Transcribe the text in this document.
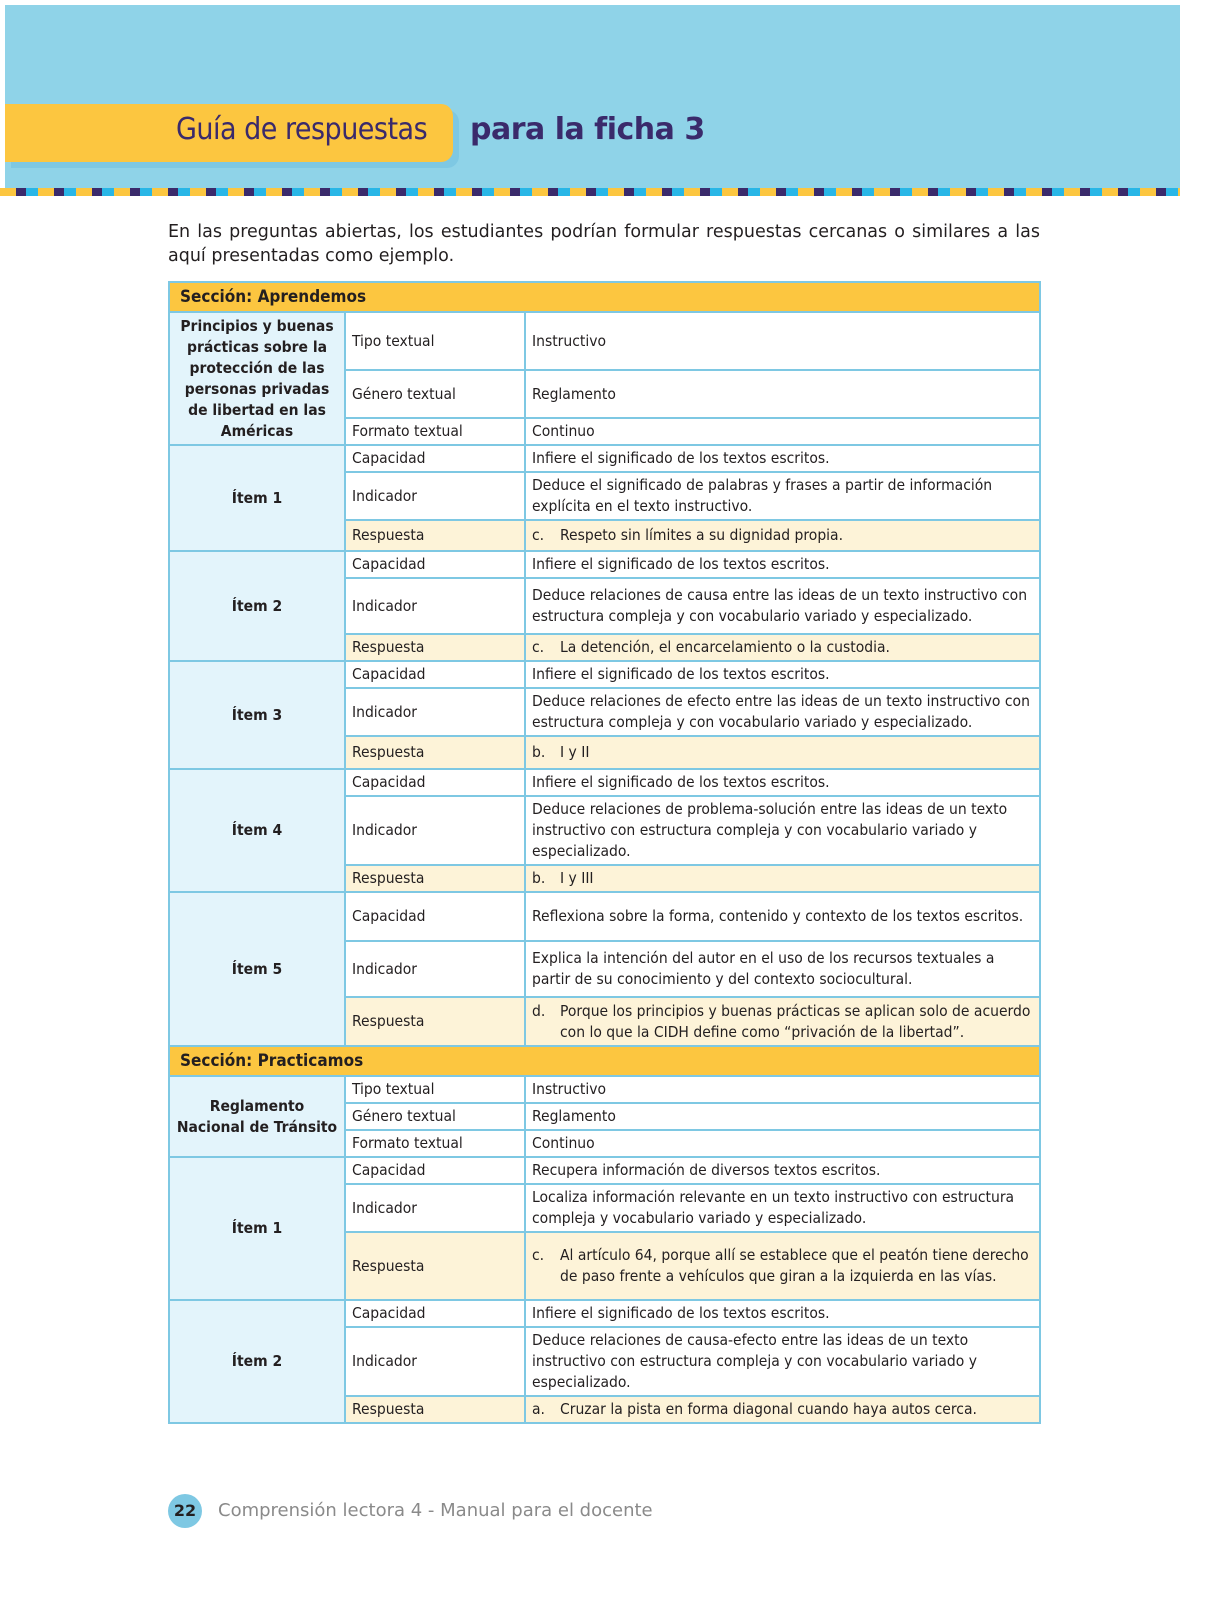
Guía de respuestas para la ficha 3

En las preguntas abiertas, los estudiantes podrían formular respuestas cercanas o similares a las aquí presentadas como ejemplo.

Sección: Aprendemos		
Principios y buenas prácticas sobre la protección de las personas privadas de libertad en las Américas	Tipo textual	Instructivo
	Género textual	Reglamento
	Formato textual	Continuo
Ítem 1	Capacidad	Infiere el significado de los textos escritos.
	Indicador	Deduce el significado de palabras y frases a partir de información explícita en el texto instructivo.
	Respuesta	c. Respeto sin límites a su dignidad propia.

Ítem 2	Capacidad	Infiere el significado de los textos escritos.
	Indicador	Deduce relaciones de causa entre las ideas de un texto instructivo con estructura compleja y con vocabulario variado y especializado.
	Respuesta	c. La detención, el encarcelamiento o la custodia.

Ítem 3	Capacidad	Infiere el significado de los textos escritos.
	Indicador	Deduce relaciones de efecto entre las ideas de un texto instructivo con estructura compleja y con vocabulario variado y especializado.
	Respuesta	b. I y II

Ítem 4	Capacidad	Infiere el significado de los textos escritos.
	Indicador	Deduce relaciones de problema-solución entre las ideas de un texto instructivo con estructura compleja y con vocabulario variado y especializado.
	Respuesta	b. I y III

Ítem 5	Capacidad	Reflexiona sobre la forma, contenido y contexto de los textos escritos.
	Indicador	Explica la intención del autor en el uso de los recursos textuales a partir de su conocimiento y del contexto sociocultural.
	Respuesta	d. Porque los principios y buenas prácticas se aplican solo de acuerdo con lo que la CIDH define como “privación de la libertad”.

Sección: Practicamos		
Reglamento Nacional de Tránsito	Tipo textual	Instructivo
	Género textual	Reglamento
	Formato textual	Continuo
Ítem 1	Capacidad	Recupera información de diversos textos escritos.
	Indicador	Localiza información relevante en un texto instructivo con estructura compleja y vocabulario variado y especializado.
	Respuesta	c. Al artículo 64, porque allí se establece que el peatón tiene derecho de paso frente a vehículos que giran a la izquierda en las vías.

Ítem 2	Capacidad	Infiere el significado de los textos escritos.
	Indicador	Deduce relaciones de causa-efecto entre las ideas de un texto instructivo con estructura compleja y con vocabulario variado y especializado.
	Respuesta	a. Cruzar la pista en forma diagonal cuando haya autos cerca.
22	Comprensión lectora 4 - Manual para el docente
